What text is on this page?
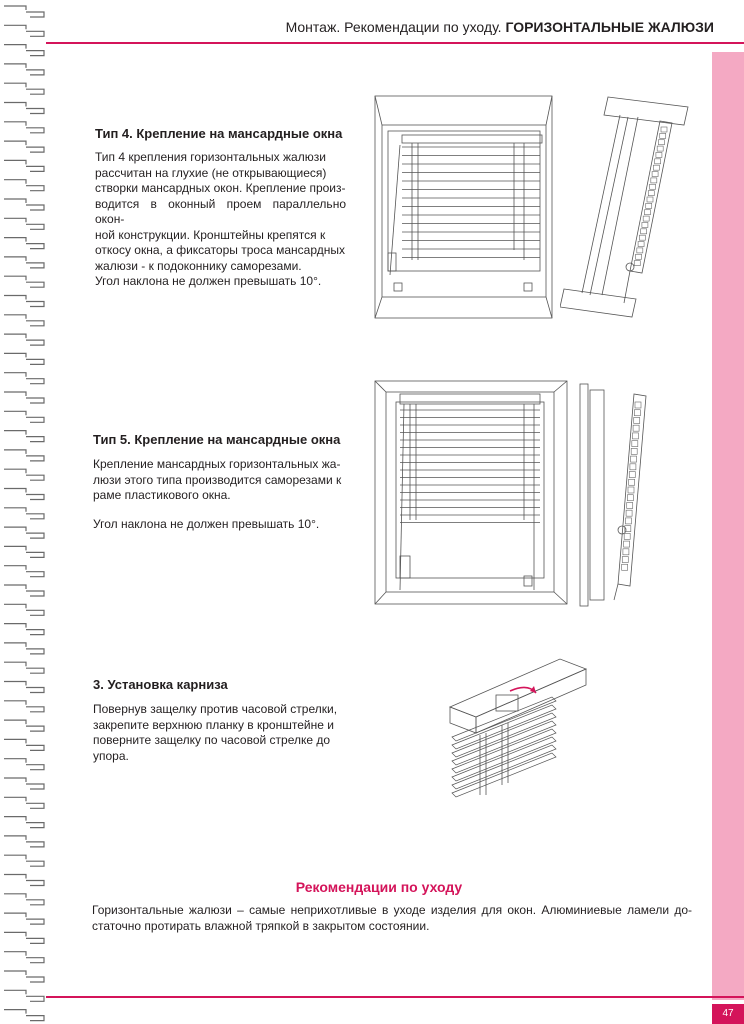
Монтаж. Рекомендации по уходу. ГОРИЗОНТАЛЬНЫЕ ЖАЛЮЗИ
Тип 4. Крепление на мансардные окна

Тип 4 крепления горизонтальных жалюзи

рассчитан на глухие (не открывающиеся)

створки мансардных окон. Крепление произ-

водится в оконный проем параллельно окон-

ной конструкции. Кронштейны крепятся к

откосу окна, а фиксаторы троса мансардных

жалюзи - к подоконнику саморезами.

Угол наклона не должен превышать 10°.
Тип 5. Крепление на мансардные окна

Крепление мансардных горизонтальных жа-

люзи этого типа производится саморезами к

раме пластикового окна.

Угол наклона не должен превышать 10°.
3. Установка карниза

Повернув защелку против часовой стрелки,

закрепите верхнюю планку в кронштейне и

поверните защелку по часовой стрелке до

упора.

Рекомендации по уходу
Горизонтальные жалюзи – самые неприхотливые в уходе изделия для окон. Алюминиевые ламели до-статочно протирать влажной тряпкой в закрытом состоянии.
47
